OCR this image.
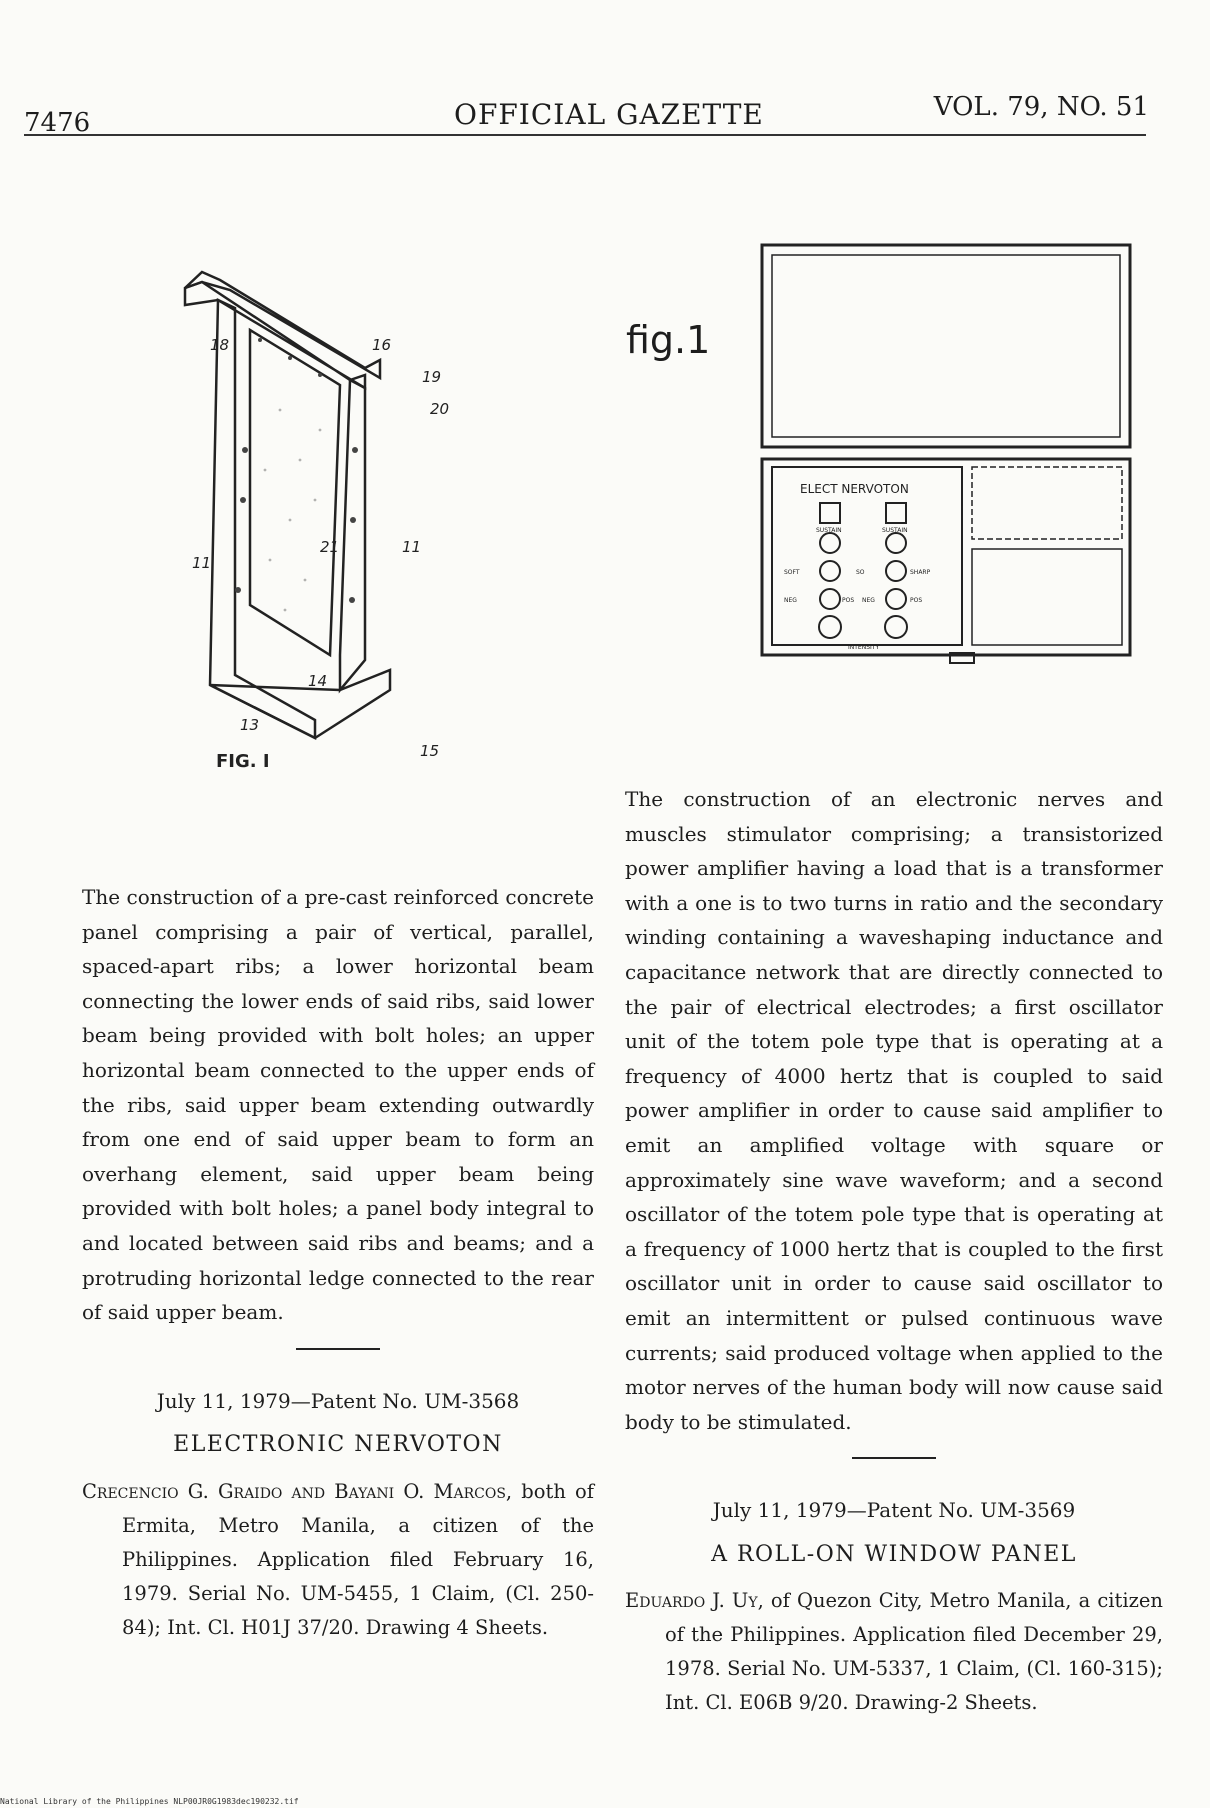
7476	OFFICIAL GAZETTE	VOL. 79, NO. 51
18	16
19
20
11
21	11
14
13
15
FIG. I
fig.1
ELECT NERVOTON
SUSTAIN	SUSTAIN
SOFT	SO	SHARP
NEG	POS NEG	POS
INTENSITY
The construction of a pre-cast reinforced concrete panel comprising a pair of vertical, parallel, spaced-apart ribs; a lower horizontal beam connecting the lower ends of said ribs, said lower beam being provided with bolt holes; an upper horizontal beam connected to the upper ends of the ribs, said upper beam extending outwardly from one end of said upper beam to form an overhang element, said upper beam being provided with bolt holes; a panel body integral to and located between said ribs and beams; and a protruding horizontal ledge connected to the rear of said upper beam.
July 11, 1979—Patent No. UM-3568
ELECTRONIC NERVOTON
Crecencio G. Graido and Bayani O. Marcos, both of Ermita, Metro Manila, a citizen of the Philippines. Application filed February 16, 1979. Serial No. UM-5455, 1 Claim, (Cl. 250-84); Int. Cl. H01J 37/20. Drawing 4 Sheets.
The construction of an electronic nerves and muscles stimulator comprising; a transistorized power amplifier having a load that is a transformer with a one is to two turns in ratio and the secondary winding containing a waveshaping inductance and capacitance network that are directly connected to the pair of electrical electrodes; a first oscillator unit of the totem pole type that is operating at a frequency of 4000 hertz that is coupled to said power amplifier in order to cause said amplifier to emit an amplified voltage with square or approximately sine wave waveform; and a second oscillator of the totem pole type that is operating at a frequency of 1000 hertz that is coupled to the first oscillator unit in order to cause said oscillator to emit an intermittent or pulsed continuous wave currents; said produced voltage when applied to the motor nerves of the human body will now cause said body to be stimulated.
July 11, 1979—Patent No. UM-3569
A ROLL-ON WINDOW PANEL
Eduardo J. Uy, of Quezon City, Metro Manila, a citizen of the Philippines. Application filed December 29, 1978. Serial No. UM-5337, 1 Claim, (Cl. 160-315); Int. Cl. E06B 9/20. Drawing-2 Sheets.
National Library of the Philippines NLP00JR0G1983dec190232.tif
